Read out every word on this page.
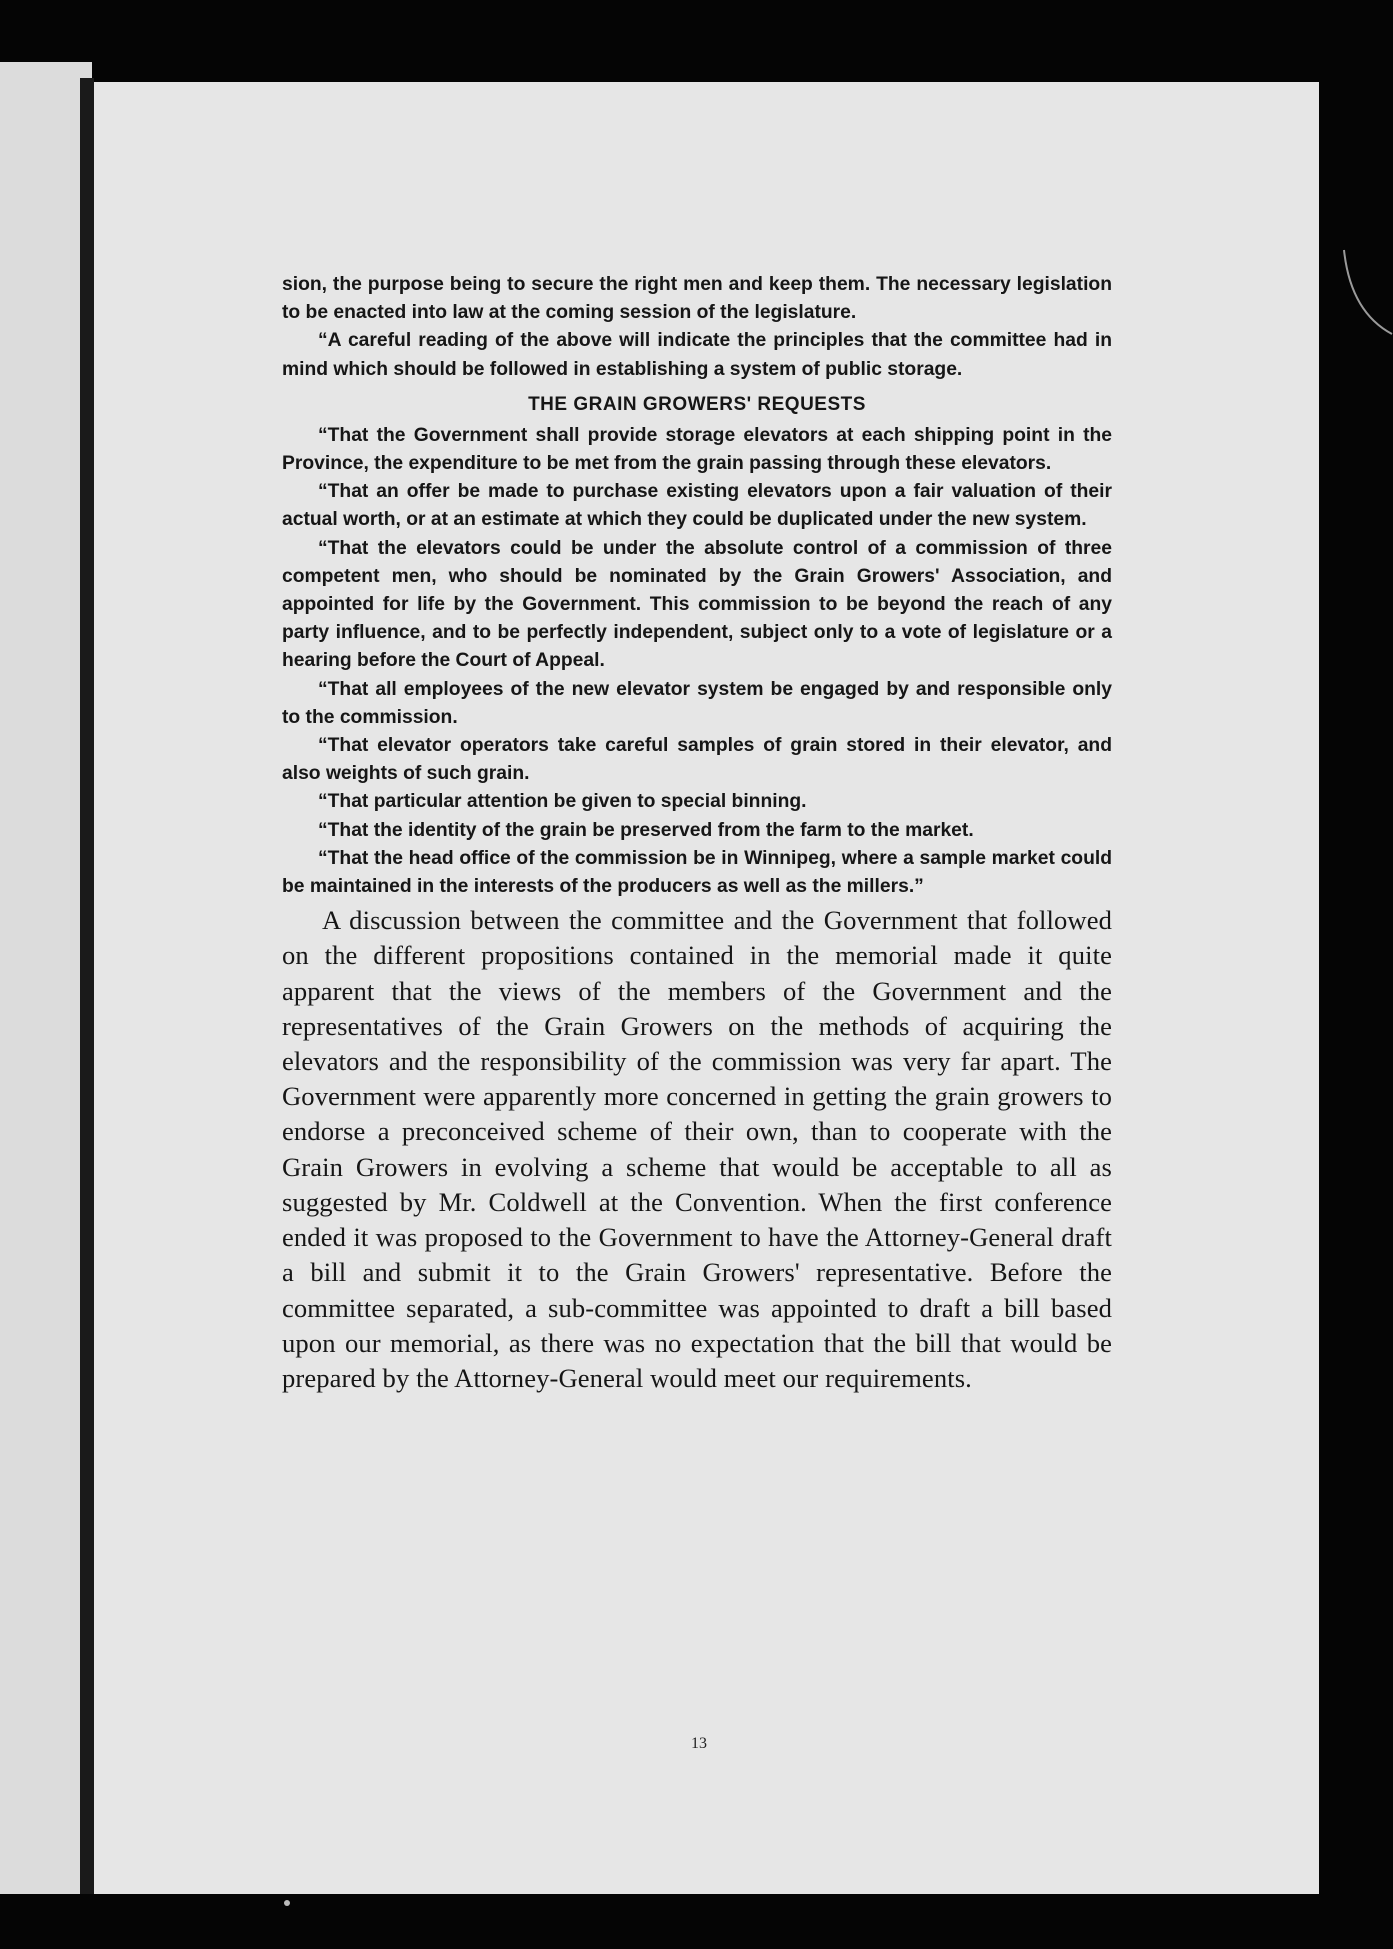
sion, the purpose being to secure the right men and keep them. The necessary legislation to be enacted into law at the coming session of the legislature.

“A careful reading of the above will indicate the principles that the committee had in mind which should be followed in establishing a system of public storage.

THE GRAIN GROWERS' REQUESTS

“That the Government shall provide storage elevators at each shipping point in the Province, the expenditure to be met from the grain passing through these elevators.

“That an offer be made to purchase existing elevators upon a fair valuation of their actual worth, or at an estimate at which they could be duplicated under the new system.

“That the elevators could be under the absolute control of a commission of three competent men, who should be nominated by the Grain Growers' Association, and appointed for life by the Government. This commission to be beyond the reach of any party influence, and to be perfectly independent, subject only to a vote of legislature or a hearing before the Court of Appeal.

“That all employees of the new elevator system be engaged by and responsible only to the commission.

“That elevator operators take careful samples of grain stored in their elevator, and also weights of such grain.

“That particular attention be given to special binning.

“That the identity of the grain be preserved from the farm to the market.

“That the head office of the commission be in Winnipeg, where a sample market could be maintained in the interests of the producers as well as the millers.”

A discussion between the committee and the Government that followed on the different propositions contained in the memorial made it quite apparent that the views of the members of the Government and the representatives of the Grain Growers on the methods of acquiring the elevators and the responsibility of the commission was very far apart. The Government were apparently more concerned in getting the grain growers to endorse a preconceived scheme of their own, than to cooperate with the Grain Growers in evolving a scheme that would be acceptable to all as suggested by Mr. Coldwell at the Convention. When the first conference ended it was proposed to the Government to have the Attorney-General draft a bill and submit it to the Grain Growers' representative. Before the committee separated, a sub-committee was appointed to draft a bill based upon our memorial, as there was no expectation that the bill that would be prepared by the Attorney-General would meet our requirements.

13
